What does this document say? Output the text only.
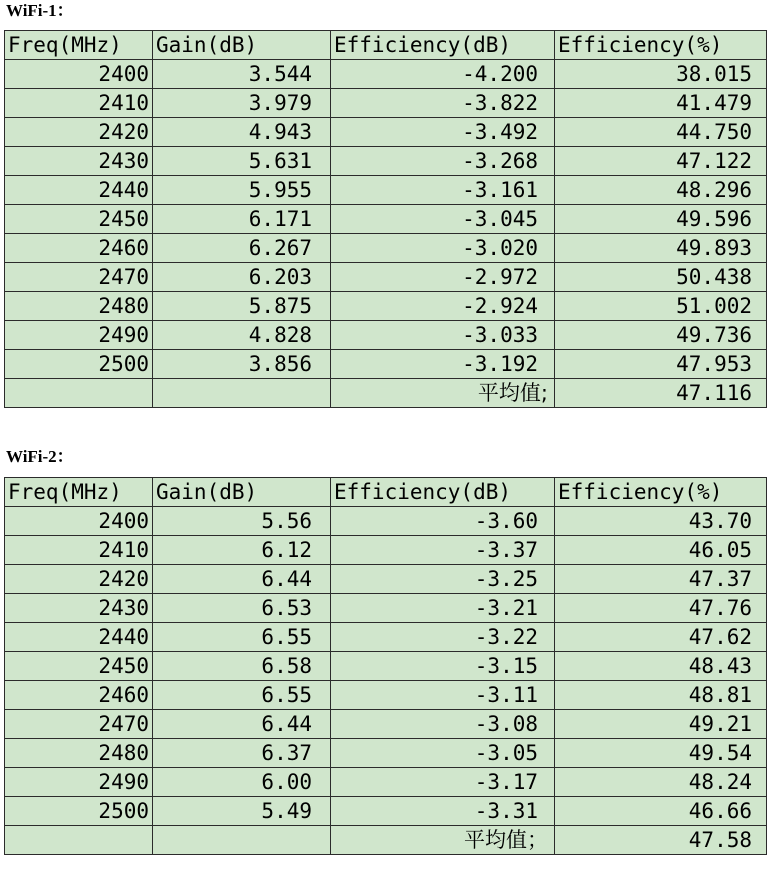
WiFi-1：

Freq(MHz)	Gain(dB)	Efficiency(dB)	Efficiency(%)
2400	3.544	-4.200	38.015
2410	3.979	-3.822	41.479
2420	4.943	-3.492	44.750
2430	5.631	-3.268	47.122
2440	5.955	-3.161	48.296
2450	6.171	-3.045	49.596
2460	6.267	-3.020	49.893
2470	6.203	-2.972	50.438
2480	5.875	-2.924	51.002
2490	4.828	-3.033	49.736
2500	3.856	-3.192	47.953
		平均值;	47.116

WiFi-2：

Freq(MHz)	Gain(dB)	Efficiency(dB)	Efficiency(%)
2400	5.56	-3.60	43.70
2410	6.12	-3.37	46.05
2420	6.44	-3.25	47.37
2430	6.53	-3.21	47.76
2440	6.55	-3.22	47.62
2450	6.58	-3.15	48.43
2460	6.55	-3.11	48.81
2470	6.44	-3.08	49.21
2480	6.37	-3.05	49.54
2490	6.00	-3.17	48.24
2500	5.49	-3.31	46.66
		平均值；	47.58
